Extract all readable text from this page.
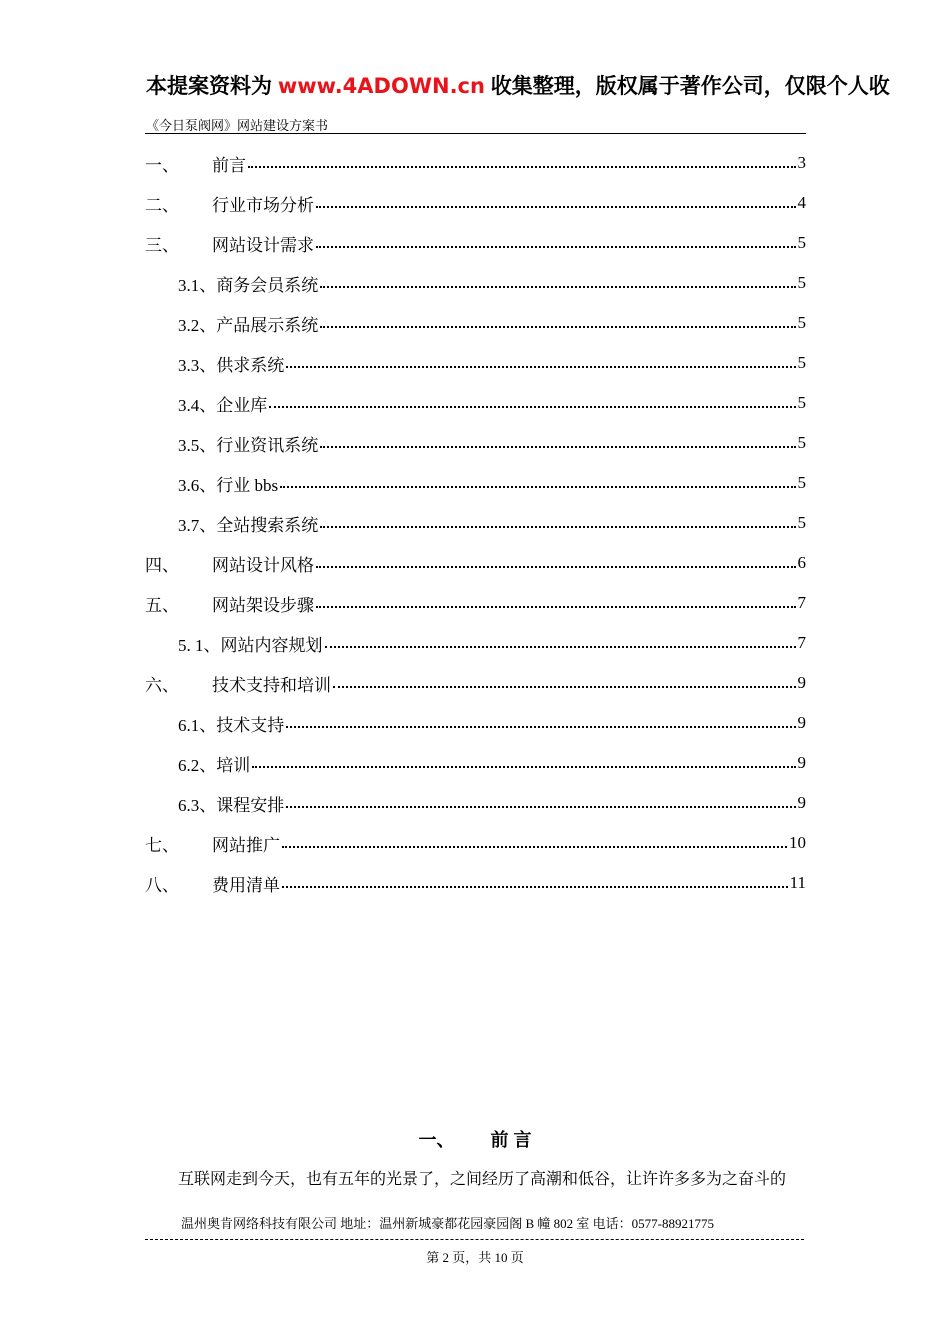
本提案资料为 www.4ADOWN.cn 收集整理，版权属于著作公司，仅限个人收
《今日泵阀网》网站建设方案书
一、	前言	3
二、	行业市场分析	4
三、	网站设计需求	5
3.1、商务会员系统	5
3.2、产品展示系统	5
3.3、供求系统	5
3.4、企业库	5
3.5、行业资讯系统	5
3.6、行业 bbs	5
3.7、全站搜索系统	5
四、	网站设计风格	6
五、	网站架设步骤	7
5. 1、网站内容规划	7
六、	技术支持和培训	9
6.1、技术支持	9
6.2、培训	9
6.3、课程安排	9
七、	网站推广	10
八、	费用清单	11
一、 前 言
互联网走到今天，也有五年的光景了，之间经历了高潮和低谷，让许许多多为之奋斗的
温州奥肯网络科技有限公司 地址：温州新城豪都花园豪园阁 B 幢 802 室 电话：0577-88921775
第 2 页，共 10 页
